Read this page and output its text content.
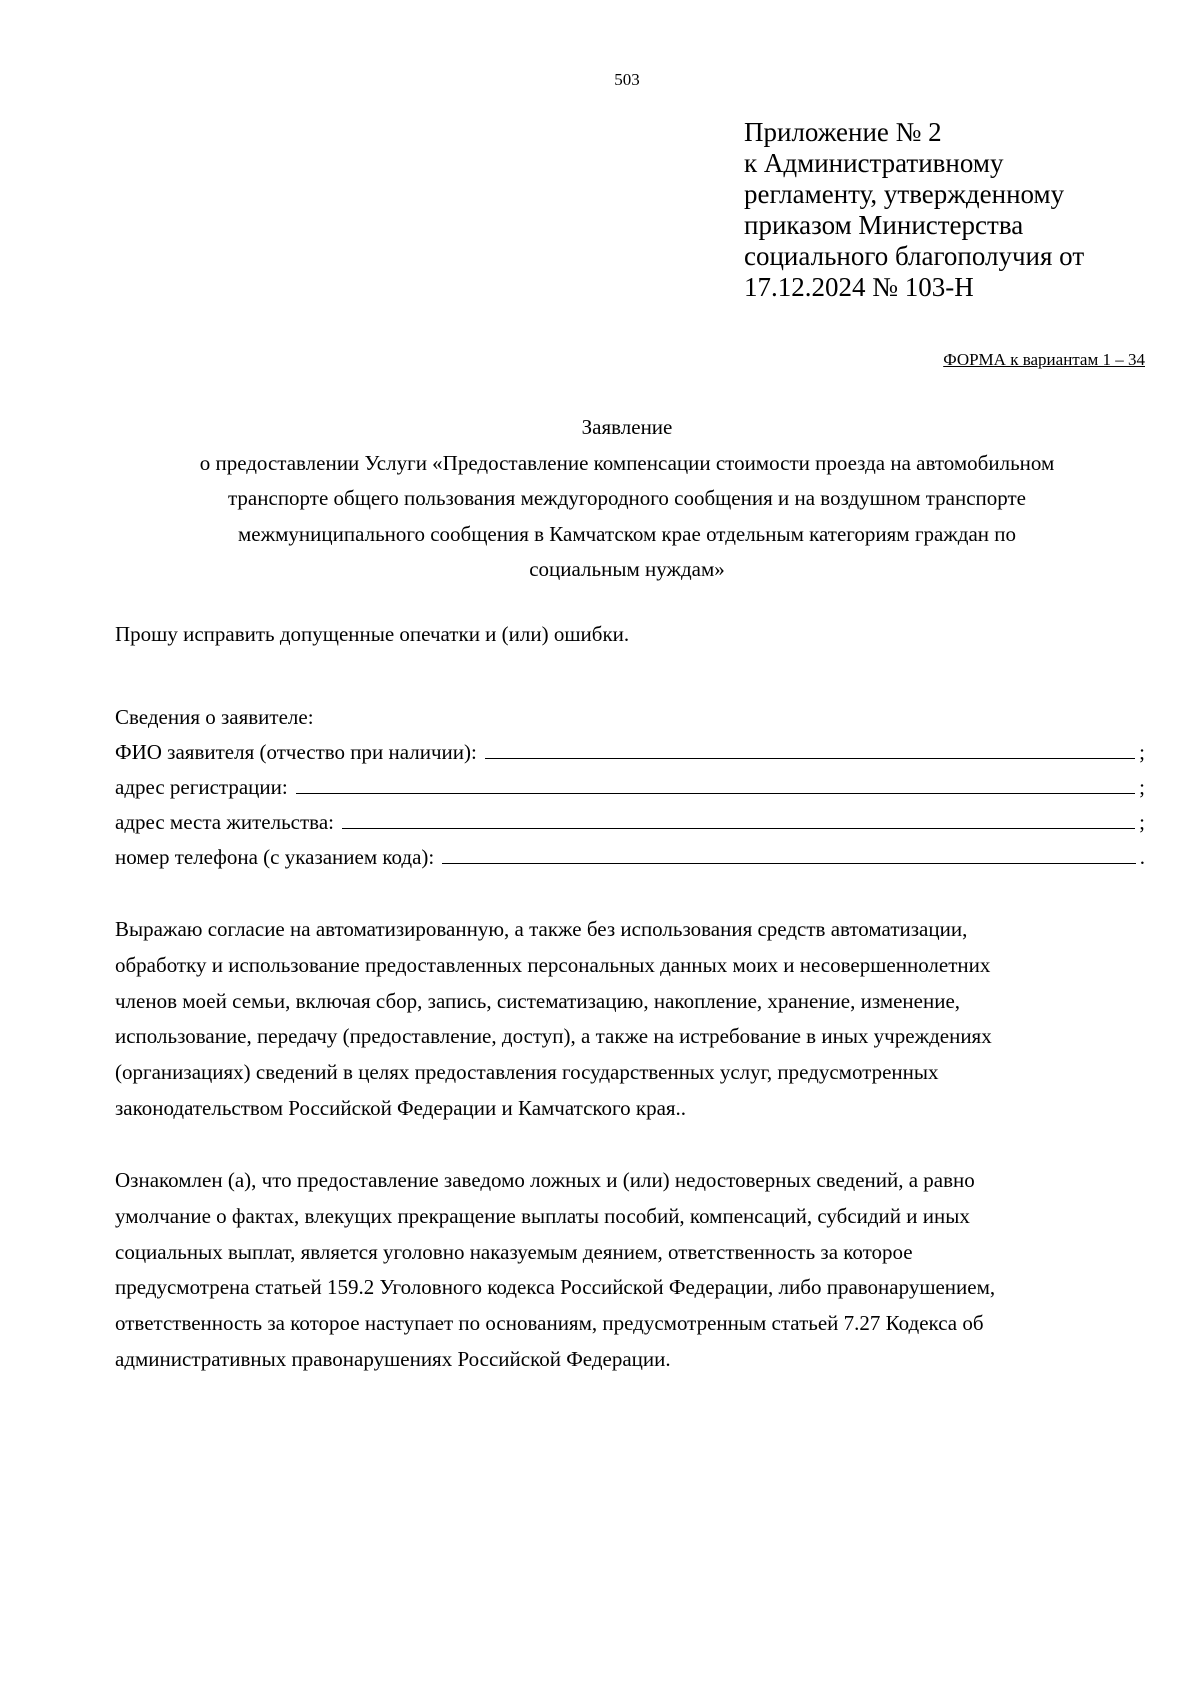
503
Приложение № 2
к Административному
регламенту, утвержденному
приказом Министерства
социального благополучия от
17.12.2024 № 103-Н
ФОРМА к вариантам 1 – 34
Заявление
о предоставлении Услуги «Предоставление компенсации стоимости проезда на автомобильном
транспорте общего пользования междугородного сообщения и на воздушном транспорте
межмуниципального сообщения в Камчатском крае отдельным категориям граждан по
социальным нуждам»
Прошу исправить допущенные опечатки и (или) ошибки.
Сведения о заявителе:
ФИО заявителя (отчество при наличии):	;
адрес регистрации:	;
адрес места жительства:	;
номер телефона (с указанием кода):	.
Выражаю согласие на автоматизированную, а также без использования средств автоматизации,
обработку и использование предоставленных персональных данных моих и несовершеннолетних
членов моей семьи, включая сбор, запись, систематизацию, накопление, хранение, изменение,
использование, передачу (предоставление, доступ), а также на истребование в иных учреждениях
(организациях) сведений в целях предоставления государственных услуг, предусмотренных
законодательством Российской Федерации и Камчатского края..
Ознакомлен (а), что предоставление заведомо ложных и (или) недостоверных сведений, а равно
умолчание о фактах, влекущих прекращение выплаты пособий, компенсаций, субсидий и иных
социальных выплат, является уголовно наказуемым деянием, ответственность за которое
предусмотрена статьей 159.2 Уголовного кодекса Российской Федерации, либо правонарушением,
ответственность за которое наступает по основаниям, предусмотренным статьей 7.27 Кодекса об
административных правонарушениях Российской Федерации.
